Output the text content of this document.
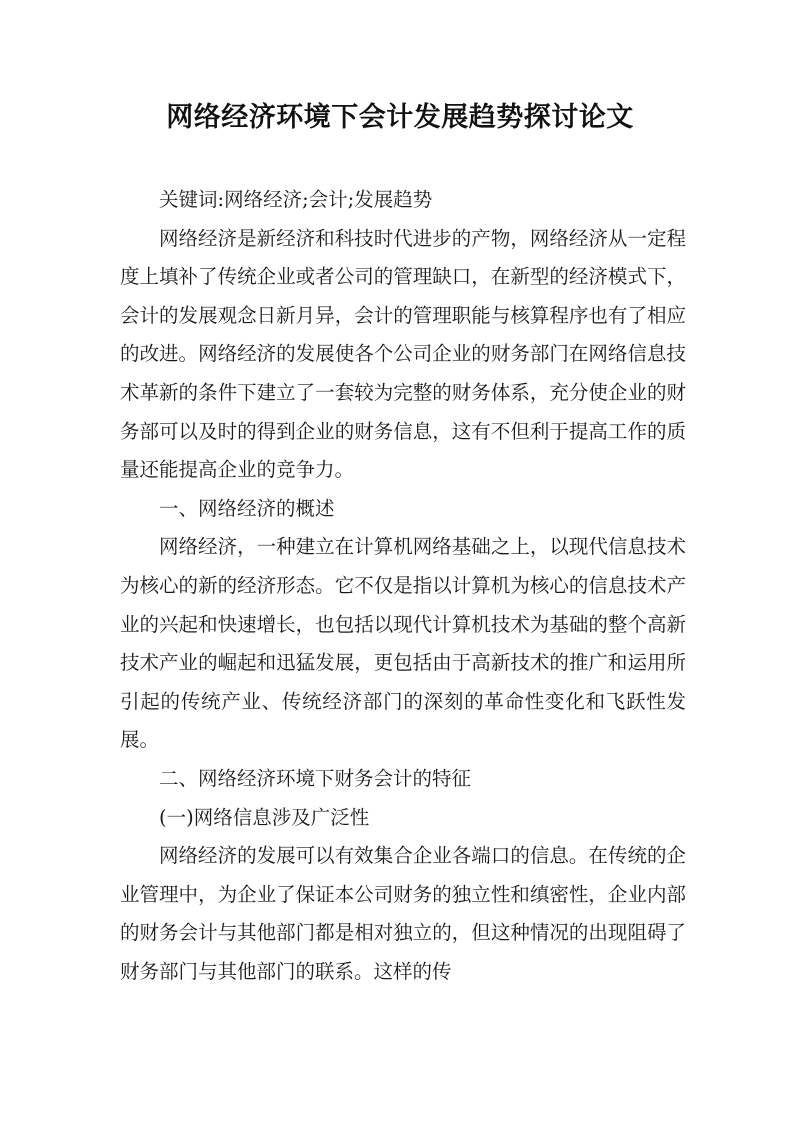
网络经济环境下会计发展趋势探讨论文

关键词:网络经济;会计;发展趋势

网络经济是新经济和科技时代进步的产物，网络经济从一定程度上填补了传统企业或者公司的管理缺口，在新型的经济模式下，会计的发展观念日新月异，会计的管理职能与核算程序也有了相应的改进。网络经济的发展使各个公司企业的财务部门在网络信息技术革新的条件下建立了一套较为完整的财务体系，充分使企业的财务部可以及时的得到企业的财务信息，这有不但利于提高工作的质量还能提高企业的竞争力。

一、网络经济的概述

网络经济，一种建立在计算机网络基础之上，以现代信息技术为核心的新的经济形态。它不仅是指以计算机为核心的信息技术产业的兴起和快速增长，也包括以现代计算机技术为基础的整个高新技术产业的崛起和迅猛发展，更包括由于高新技术的推广和运用所引起的传统产业、传统经济部门的深刻的革命性变化和飞跃性发展。

二、网络经济环境下财务会计的特征

(一)网络信息涉及广泛性

网络经济的发展可以有效集合企业各端口的信息。在传统的企业管理中，为企业了保证本公司财务的独立性和缜密性，企业内部的财务会计与其他部门都是相对独立的，但这种情况的出现阻碍了财务部门与其他部门的联系。这样的传
